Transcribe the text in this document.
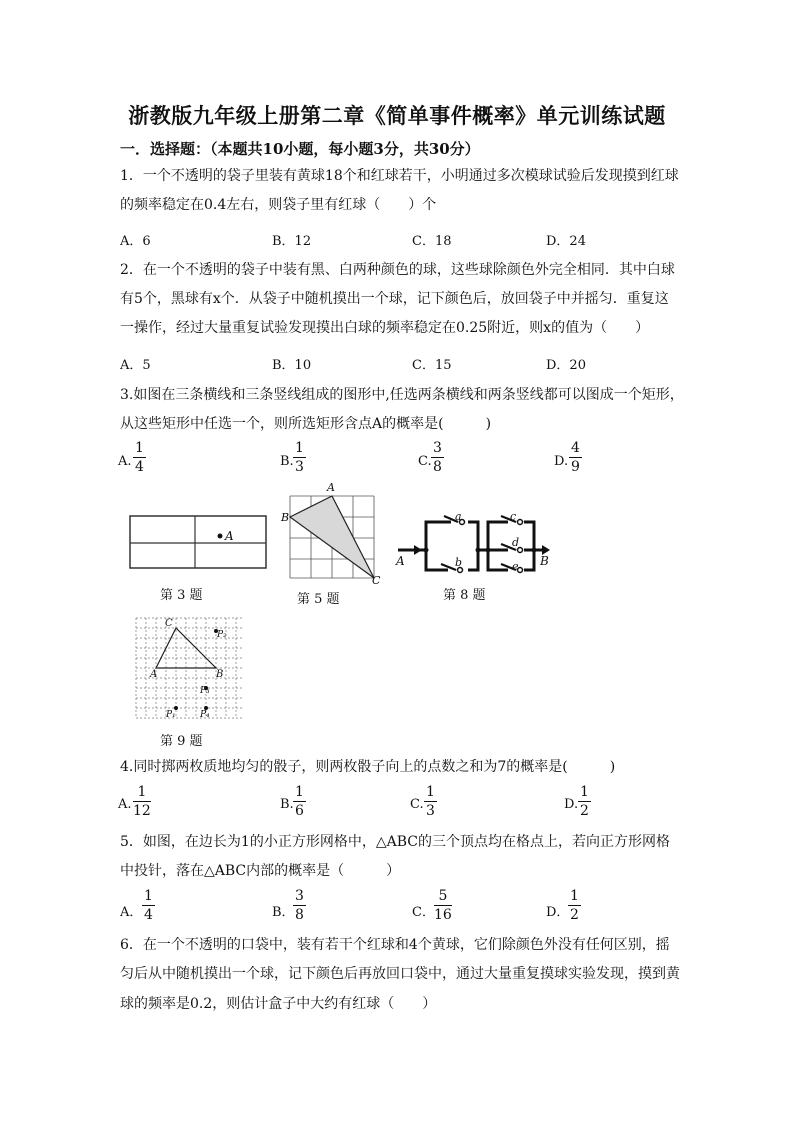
浙教版九年级上册第二章《简单事件概率》单元训练试题
一．选择题：（本题共10小题，每小题3分，共30分）
1．一个不透明的袋子里装有黄球18个和红球若干，小明通过多次模球试验后发现摸到红球
的频率稳定在0.4左右，则袋子里有红球（　　）个
A．6	B．12	C．18	D．24
2．在一个不透明的袋子中装有黑、白两种颜色的球，这些球除颜色外完全相同．其中白球
有5个，黑球有x个．从袋子中随机摸出一个球，记下颜色后，放回袋子中并摇匀．重复这
一操作，经过大量重复试验发现摸出白球的频率稳定在0.25附近，则x的值为（　　）
A．5	B．10	C．15	D．20
3.如图在三条横线和三条竖线组成的图形中,任选两条横线和两条竖线都可以图成一个矩形，
从这些矩形中任选一个，则所选矩形含点A的概率是(　　　)
A. $\frac{1}{4}$	B. $\frac{1}{3}$	C. $\frac{3}{8}$	D. $\frac{4}{9}$
A
第 3 题
A
B
C
第 5 题
A	B
a
b
c
d
e
第 8 题
C
A	B
P₁
P₂
P₃
P₄
第 9 题
4.同时掷两枚质地均匀的骰子，则两枚骰子向上的点数之和为7的概率是(　　　)
A. $\frac{1}{12}$	B. $\frac{1}{6}$	C. $\frac{1}{3}$	D. $\frac{1}{2}$
5．如图，在边长为1的小正方形网格中，△ABC的三个顶点均在格点上，若向正方形网格
中投针，落在△ABC内部的概率是（　　　）
A． $\frac{1}{4}$	B．
$\frac{3}{8}$	C． $\frac{5}{16}$	D．
$\frac{1}{2}$
6．在一个不透明的口袋中，装有若干个红球和4个黄球，它们除颜色外没有任何区别，摇
匀后从中随机摸出一个球，记下颜色后再放回口袋中，通过大量重复摸球实验发现，摸到黄
球的频率是0.2，则估计盒子中大约有红球（　　）
